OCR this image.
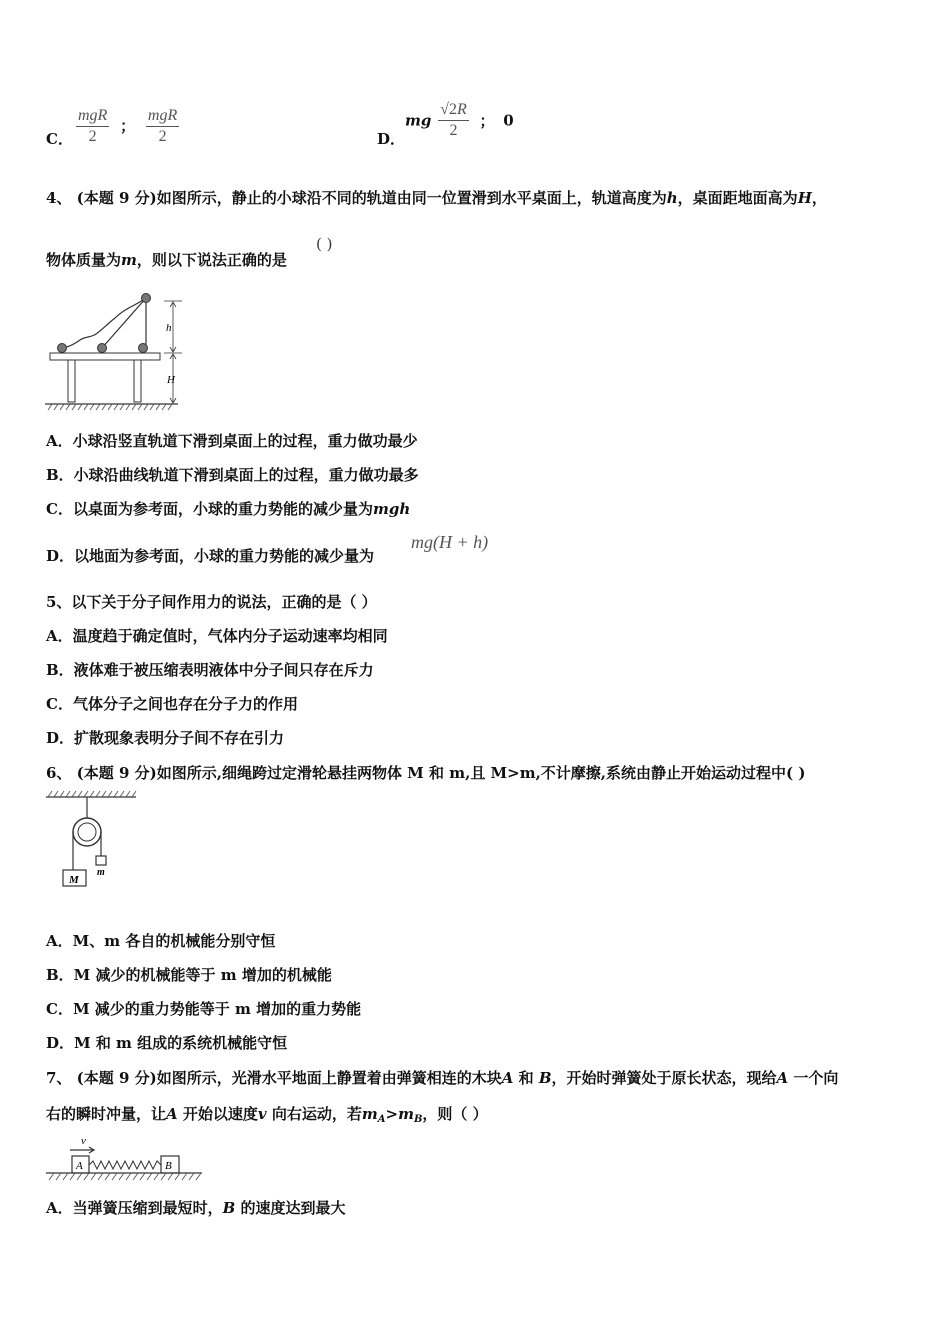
C． $\frac{\text{mgR}}{2}$ ； $\frac{\text{mgR}}{2}$	D．
mg $\frac{√2R}{2}$ ； 0
4、 (本题 9 分)如图所示，静止的小球沿不同的轨道由同一位置滑到水平桌面上，轨道高度为h，桌面距地面高为H，
物体质量为m，则以下说法正确的是
( )
h
H
A．小球沿竖直轨道下滑到桌面上的过程，重力做功最少
B．小球沿曲线轨道下滑到桌面上的过程，重力做功最多
C．以桌面为参考面，小球的重力势能的减少量为mgh
D．以地面为参考面，小球的重力势能的减少量为
mg(H + h)
5、以下关于分子间作用力的说法，正确的是（ ）
A．温度趋于确定值时，气体内分子运动速率均相同
B．液体难于被压缩表明液体中分子间只存在斥力
C．气体分子之间也存在分子力的作用
D．扩散现象表明分子间不存在引力
6、 (本题 9 分)如图所示,细绳跨过定滑轮悬挂两物体 M 和 m,且 M>m,不计摩擦,系统由静止开始运动过程中( )
M
m
A．M、m 各自的机械能分别守恒
B．M 减少的机械能等于 m 增加的机械能
C．M 减少的重力势能等于 m 增加的重力势能
D．M 和 m 组成的系统机械能守恒
7、 (本题 9 分)如图所示，光滑水平地面上静置着由弹簧相连的木块A 和 B，开始时弹簧处于原长状态，现给A 一个向
右的瞬时冲量，让A 开始以速度v 向右运动，若$m_A>m_B$，则（ ）
v
A	B
A．当弹簧压缩到最短时，B 的速度达到最大
